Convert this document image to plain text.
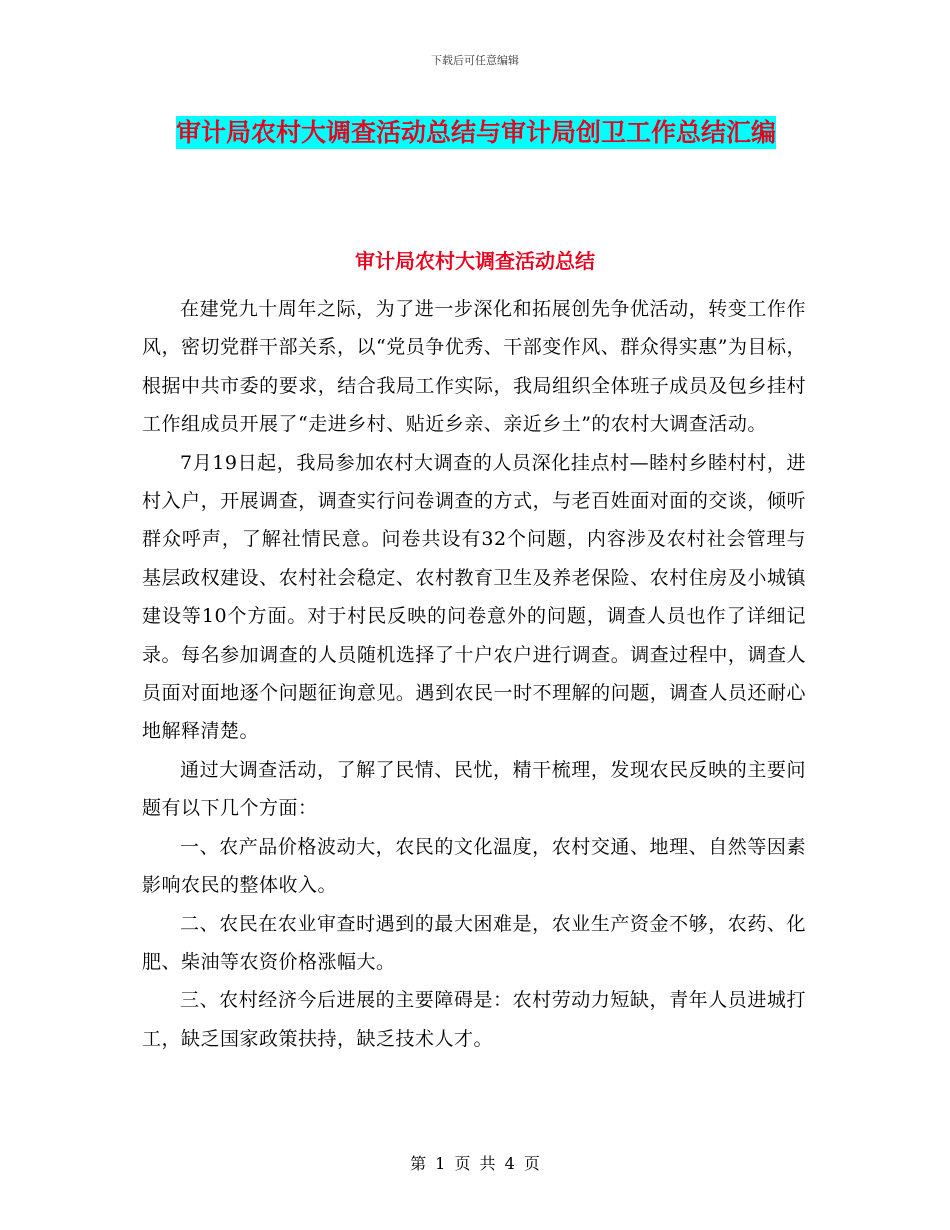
下载后可任意编辑
审计局农村大调查活动总结与审计局创卫工作总结汇编
审计局农村大调查活动总结

在建党九十周年之际，为了进一步深化和拓展创先争优活动，转变工作作风，密切党群干部关系，以“党员争优秀、干部变作风、群众得实惠”为目标，根据中共市委的要求，结合我局工作实际，我局组织全体班子成员及包乡挂村工作组成员开展了“走进乡村、贴近乡亲、亲近乡土”的农村大调查活动。

7月19日起，我局参加农村大调查的人员深化挂点村—睦村乡睦村村，进村入户，开展调查，调查实行问卷调查的方式，与老百姓面对面的交谈，倾听群众呼声，了解社情民意。问卷共设有32个问题，内容涉及农村社会管理与基层政权建设、农村社会稳定、农村教育卫生及养老保险、农村住房及小城镇建设等10个方面。对于村民反映的问卷意外的问题，调查人员也作了详细记录。每名参加调查的人员随机选择了十户农户进行调查。调查过程中，调查人员面对面地逐个问题征询意见。遇到农民一时不理解的问题，调查人员还耐心地解释清楚。

通过大调查活动，了解了民情、民忧，精干梳理，发现农民反映的主要问题有以下几个方面：

一、农产品价格波动大，农民的文化温度，农村交通、地理、自然等因素影响农民的整体收入。

二、农民在农业审查时遇到的最大困难是，农业生产资金不够，农药、化肥、柴油等农资价格涨幅大。

三、农村经济今后进展的主要障碍是：农村劳动力短缺，青年人员进城打工，缺乏国家政策扶持，缺乏技术人才。

第 1 页 共 4 页
